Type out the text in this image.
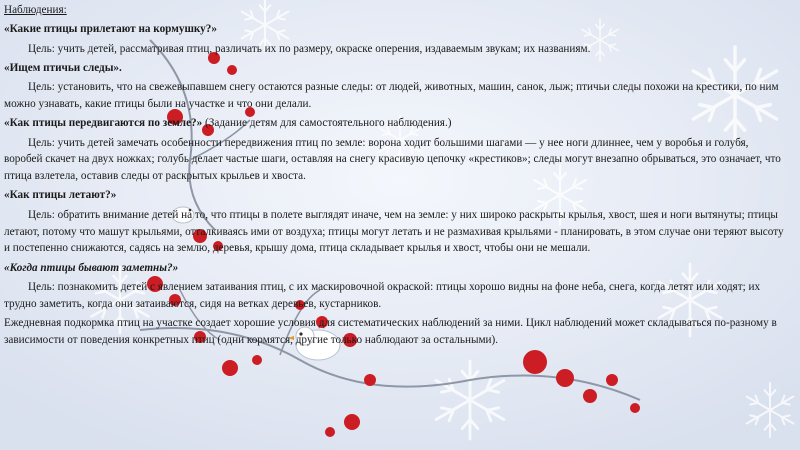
Наблюдения:

«Какие птицы прилетают на кормушку?»

Цель: учить детей, рассматривая птиц, различать их по размеру, окраске оперения, издаваемым звукам; их названиям.

«Ищем птичьи следы».

Цель: установить, что на свежевыпавшем снегу остаются разные следы: от людей, животных, машин, санок, лыж; птичьи следы похожи на крестики, по ним можно узнавать, какие птицы были на участке и что они делали.

«Как птицы передвигаются по земле?» (Задание детям для самостоятельного наблюдения.)

Цель: учить детей замечать особенности передвижения птиц по земле: ворона ходит большими шагами — у нее ноги длиннее, чем у воробья и голубя, воробей скачет на двух ножках; голубь делает частые шаги, оставляя на снегу красивую цепочку «крестиков»; следы могут внезапно обрываться, это означает, что птица взлетела, оставив следы от раскрытых крыльев и хвоста.

«Как птицы летают?»

Цель: обратить внимание детей на то, что птицы в полете выглядят иначе, чем на земле: у них широко раскрыты крылья, хвост, шея и ноги вытянуты; птицы летают, потому что машут крыльями, отталкиваясь ими от воздуха; птицы могут летать и не размахивая крыльями - планировать, в этом случае они теряют высоту и постепенно снижаются, садясь на землю, деревья, крышу дома, птица складывает крылья и хвост, чтобы они не мешали.

«Когда птицы бывают заметны?»

Цель: познакомить детей с явлением затаивания птиц, с их маскировочной окраской: птицы хорошо видны на фоне неба, снега, когда летят или ходят; их трудно заметить, когда они затаиваются, сидя на ветках деревьев, кустарников.

Ежедневная подкормка птиц на участке создает хорошие условия для систематических наблюдений за ними. Цикл наблюдений может складываться по-разному в зависимости от поведения конкретных птиц (одни кормятся, другие только наблюдают за остальными).
